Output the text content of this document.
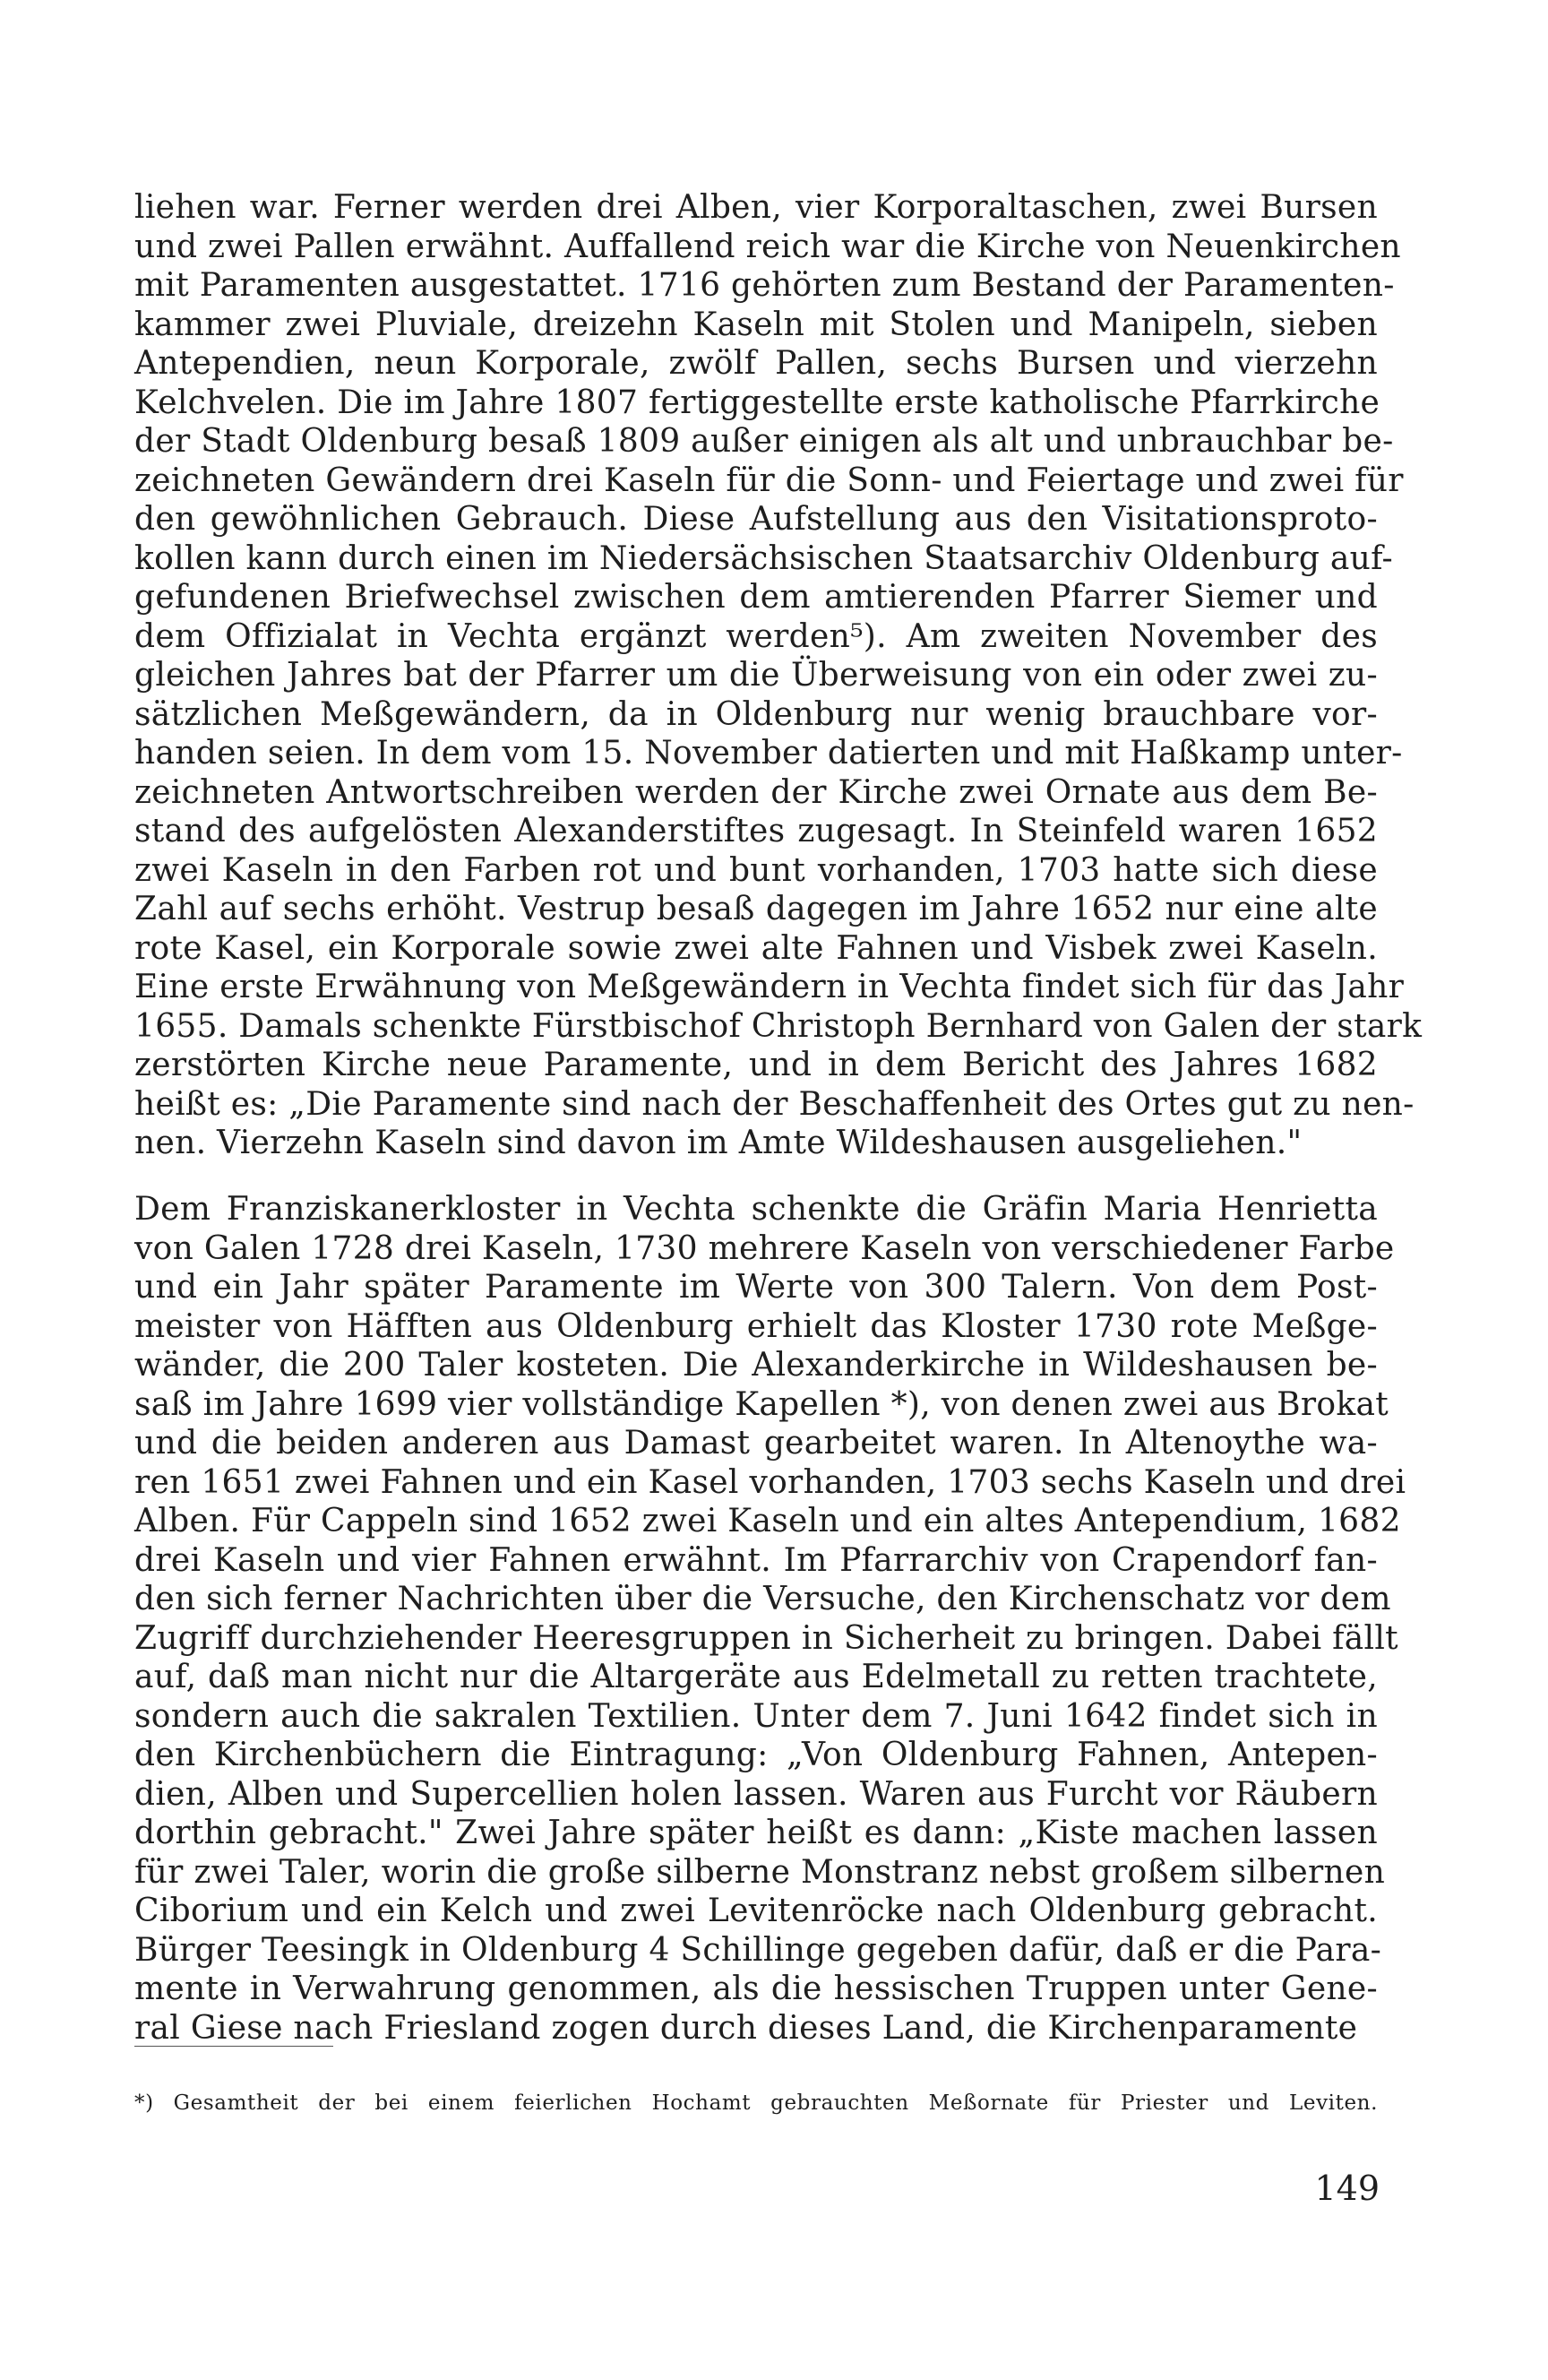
liehen war. Ferner werden drei Alben, vier Korporaltaschen, zwei Bursen
und zwei Pallen erwähnt. Auffallend reich war die Kirche von Neuenkirchen
mit Paramenten ausgestattet. 1716 gehörten zum Bestand der Paramenten-
kammer zwei Pluviale, dreizehn Kaseln mit Stolen und Manipeln, sieben
Antependien, neun Korporale, zwölf Pallen, sechs Bursen und vierzehn
Kelchvelen. Die im Jahre 1807 fertiggestellte erste katholische Pfarrkirche
der Stadt Oldenburg besaß 1809 außer einigen als alt und unbrauchbar be-
zeichneten Gewändern drei Kaseln für die Sonn- und Feiertage und zwei für
den gewöhnlichen Gebrauch. Diese Aufstellung aus den Visitationsproto-
kollen kann durch einen im Niedersächsischen Staatsarchiv Oldenburg auf-
gefundenen Briefwechsel zwischen dem amtierenden Pfarrer Siemer und
dem Offizialat in Vechta ergänzt werden⁵). Am zweiten November des
gleichen Jahres bat der Pfarrer um die Überweisung von ein oder zwei zu-
sätzlichen Meßgewändern, da in Oldenburg nur wenig brauchbare vor-
handen seien. In dem vom 15. November datierten und mit Haßkamp unter-
zeichneten Antwortschreiben werden der Kirche zwei Ornate aus dem Be-
stand des aufgelösten Alexanderstiftes zugesagt. In Steinfeld waren 1652
zwei Kaseln in den Farben rot und bunt vorhanden, 1703 hatte sich diese
Zahl auf sechs erhöht. Vestrup besaß dagegen im Jahre 1652 nur eine alte
rote Kasel, ein Korporale sowie zwei alte Fahnen und Visbek zwei Kaseln.
Eine erste Erwähnung von Meßgewändern in Vechta findet sich für das Jahr
1655. Damals schenkte Fürstbischof Christoph Bernhard von Galen der stark
zerstörten Kirche neue Paramente, und in dem Bericht des Jahres 1682
heißt es: „Die Paramente sind nach der Beschaffenheit des Ortes gut zu nen-
nen. Vierzehn Kaseln sind davon im Amte Wildeshausen ausgeliehen."
Dem Franziskanerkloster in Vechta schenkte die Gräfin Maria Henrietta
von Galen 1728 drei Kaseln, 1730 mehrere Kaseln von verschiedener Farbe
und ein Jahr später Paramente im Werte von 300 Talern. Von dem Post-
meister von Häfften aus Oldenburg erhielt das Kloster 1730 rote Meßge-
wänder, die 200 Taler kosteten. Die Alexanderkirche in Wildeshausen be-
saß im Jahre 1699 vier vollständige Kapellen *), von denen zwei aus Brokat
und die beiden anderen aus Damast gearbeitet waren. In Altenoythe wa-
ren 1651 zwei Fahnen und ein Kasel vorhanden, 1703 sechs Kaseln und drei
Alben. Für Cappeln sind 1652 zwei Kaseln und ein altes Antependium, 1682
drei Kaseln und vier Fahnen erwähnt. Im Pfarrarchiv von Crapendorf fan-
den sich ferner Nachrichten über die Versuche, den Kirchenschatz vor dem
Zugriff durchziehender Heeresgruppen in Sicherheit zu bringen. Dabei fällt
auf, daß man nicht nur die Altargeräte aus Edelmetall zu retten trachtete,
sondern auch die sakralen Textilien. Unter dem 7. Juni 1642 findet sich in
den Kirchenbüchern die Eintragung: „Von Oldenburg Fahnen, Antepen-
dien, Alben und Supercellien holen lassen. Waren aus Furcht vor Räubern
dorthin gebracht." Zwei Jahre später heißt es dann: „Kiste machen lassen
für zwei Taler, worin die große silberne Monstranz nebst großem silbernen
Ciborium und ein Kelch und zwei Levitenröcke nach Oldenburg gebracht.
Bürger Teesingk in Oldenburg 4 Schillinge gegeben dafür, daß er die Para-
mente in Verwahrung genommen, als die hessischen Truppen unter Gene-
ral Giese nach Friesland zogen durch dieses Land, die Kirchenparamente
*) Gesamtheit der bei einem feierlichen Hochamt gebrauchten Meßornate für Priester und Leviten.
149
